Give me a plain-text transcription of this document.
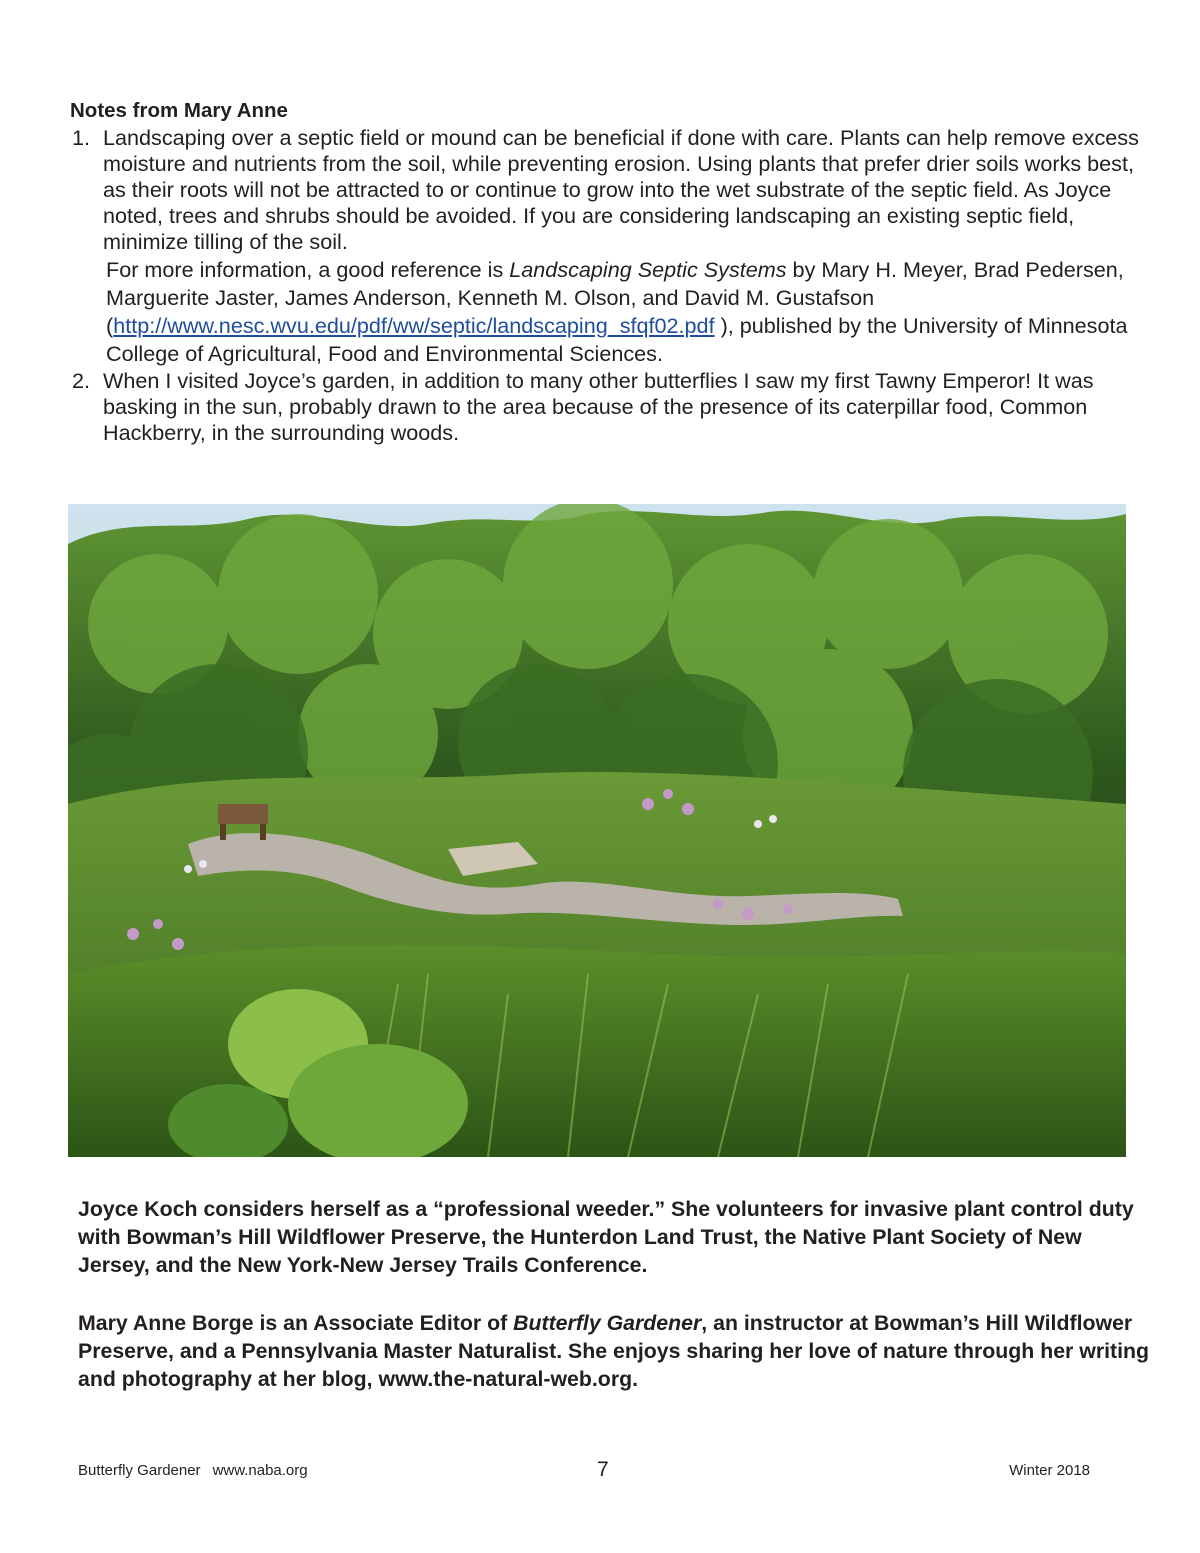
Notes from Mary Anne
1. Landscaping over a septic field or mound can be beneficial if done with care. Plants can help remove excess moisture and nutrients from the soil, while preventing erosion. Using plants that prefer drier soils works best, as their roots will not be attracted to or continue to grow into the wet substrate of the septic field. As Joyce noted, trees and shrubs should be avoided. If you are considering landscaping an existing septic field, minimize tilling of the soil.

For more information, a good reference is Landscaping Septic Systems by Mary H. Meyer, Brad Pedersen, Marguerite Jaster, James Anderson, Kenneth M. Olson, and David M. Gustafson (http://www.nesc.wvu.edu/pdf/ww/septic/landscaping_sfqf02.pdf ), published by the University of Minnesota College of Agricultural, Food and Environmental Sciences.

2. When I visited Joyce’s garden, in addition to many other butterflies I saw my first Tawny Emperor! It was basking in the sun, probably drawn to the area because of the presence of its caterpillar food, Common Hackberry, in the surrounding woods.

Joyce Koch considers herself as a “professional weeder.” She volunteers for invasive plant control duty with Bowman’s Hill Wildflower Preserve, the Hunterdon Land Trust, the Native Plant Society of New Jersey, and the New York-New Jersey Trails Conference.

Mary Anne Borge is an Associate Editor of Butterfly Gardener, an instructor at Bowman’s Hill Wildflower Preserve, and a Pennsylvania Master Naturalist. She enjoys sharing her love of nature through her writing and photography at her blog, www.the-natural-web.org.

Butterfly Gardener www.naba.org	7	Winter 2018
